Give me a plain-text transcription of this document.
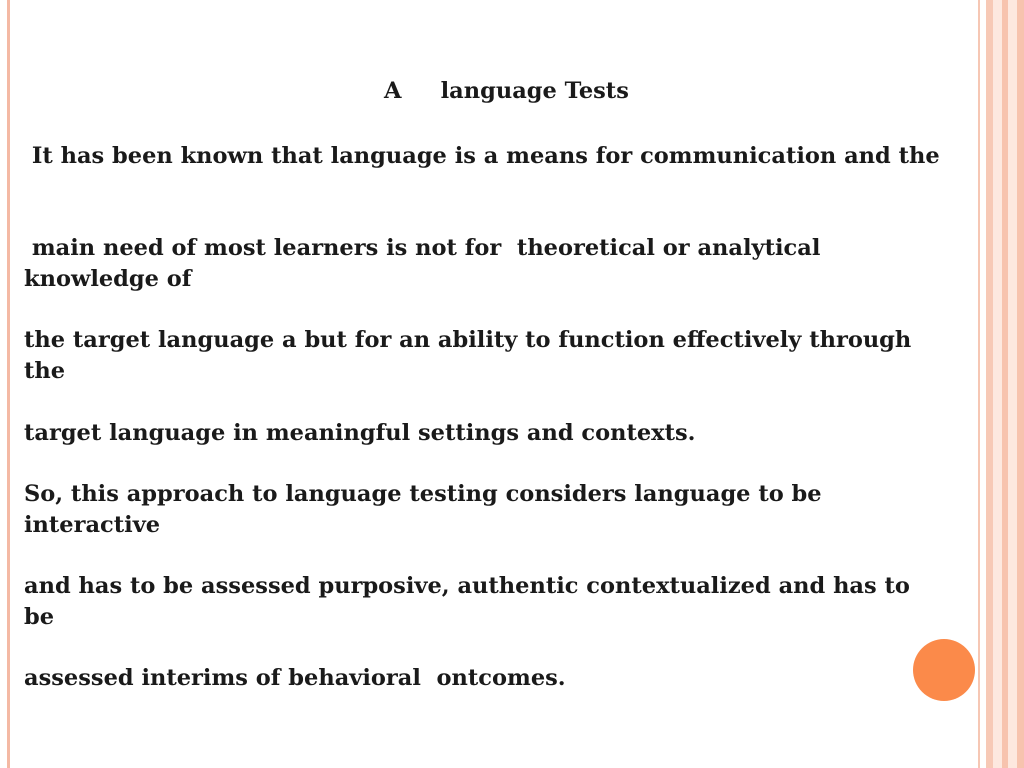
A     language Tests
It has been known that language is a means for communication and the
main need of most learners is not for  theoretical or analytical knowledge of
the target language a but for an ability to function effectively through the
target language in meaningful settings and contexts.
So, this approach to language testing considers language to be interactive
and has to be assessed purposive, authentic contextualized and has to be
assessed interims of behavioral  ontcomes.
